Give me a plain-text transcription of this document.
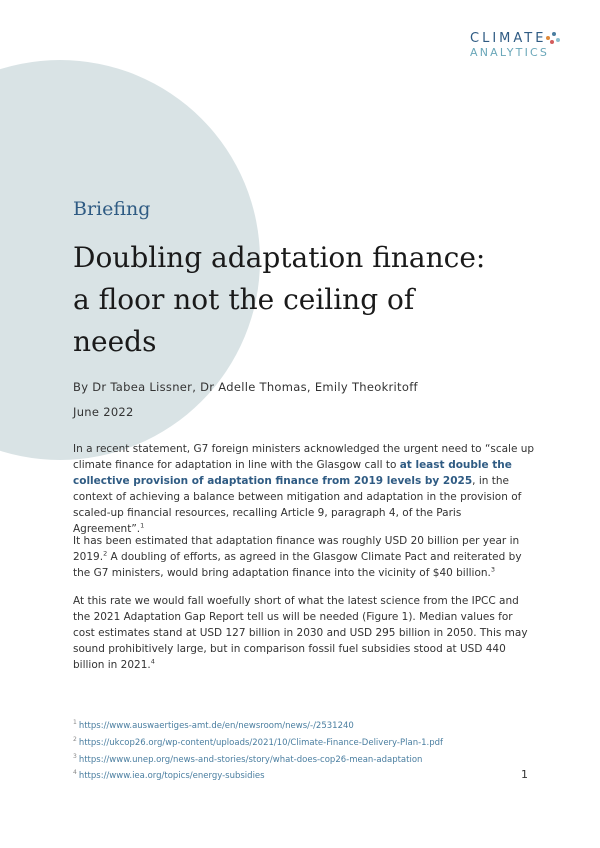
CLIMATE
ANALYTICS
Briefing
Doubling adaptation finance: a floor not the ceiling of needs
By Dr Tabea Lissner, Dr Adelle Thomas, Emily Theokritoff
June 2022

In a recent statement, G7 foreign ministers acknowledged the urgent need to “scale up climate finance for adaptation in line with the Glasgow call to at least double the collective provision of adaptation finance from 2019 levels by 2025, in the context of achieving a balance between mitigation and adaptation in the provision of scaled-up financial resources, recalling Article 9, paragraph 4, of the Paris Agreement”.$^1$

It has been estimated that adaptation finance was roughly USD 20 billion per year in 2019.$^2$ A doubling of efforts, as agreed in the Glasgow Climate Pact and reiterated by the G7 ministers, would bring adaptation finance into the vicinity of $40 billion.$^3$

At this rate we would fall woefully short of what the latest science from the IPCC and the 2021 Adaptation Gap Report tell us will be needed (Figure 1). Median values for cost estimates stand at USD 127 billion in 2030 and USD 295 billion in 2050. This may sound prohibitively large, but in comparison fossil fuel subsidies stood at USD 440 billion in 2021.$^4$

$^1$ https://www.auswaertiges-amt.de/en/newsroom/news/-/2531240
$^2$ https://ukcop26.org/wp-content/uploads/2021/10/Climate-Finance-Delivery-Plan-1.pdf
$^3$ https://www.unep.org/news-and-stories/story/what-does-cop26-mean-adaptation
$^4$ https://www.iea.org/topics/energy-subsidies	1
